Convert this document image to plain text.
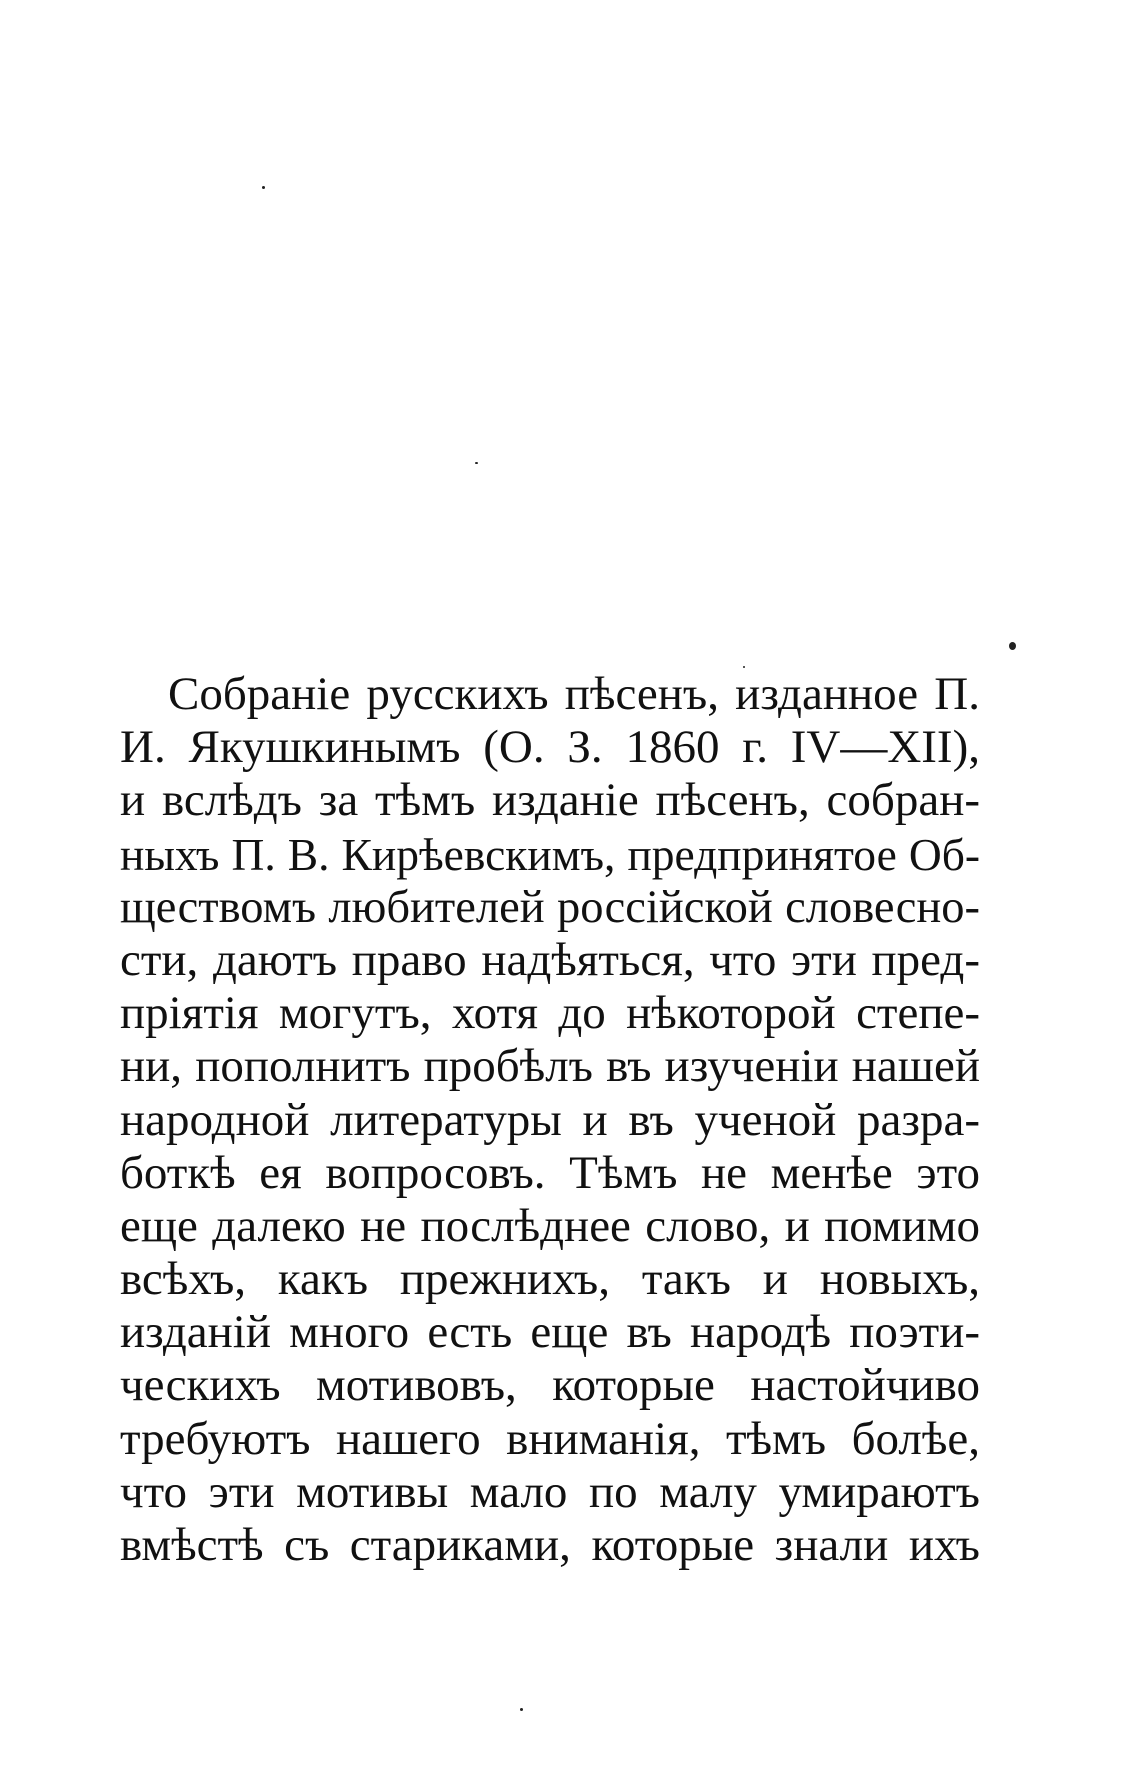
Собраніе русскихъ пѣсенъ, изданное П.
И. Якушкинымъ (О. З. 1860 г. IV—XII),
и вслѣдъ за тѣмъ изданіе пѣсенъ, собран-
ныхъ П. В. Кирѣевскимъ, предпринятое Об-
ществомъ любителей россійской словесно-
сти, даютъ право надѣяться, что эти пред-
пріятія могутъ, хотя до нѣкоторой степе-
ни, пополнитъ пробѣлъ въ изученіи нашей
народной литературы и въ ученой разра-
боткѣ ея вопросовъ. Тѣмъ не менѣе это
еще далеко не послѣднее слово, и помимо
всѣхъ, какъ прежнихъ, такъ и новыхъ,
изданій много есть еще въ народѣ поэти-
ческихъ мотивовъ, которые настойчиво
требуютъ нашего вниманія, тѣмъ болѣе,
что эти мотивы мало по малу умираютъ
вмѣстѣ съ стариками, которые знали ихъ
